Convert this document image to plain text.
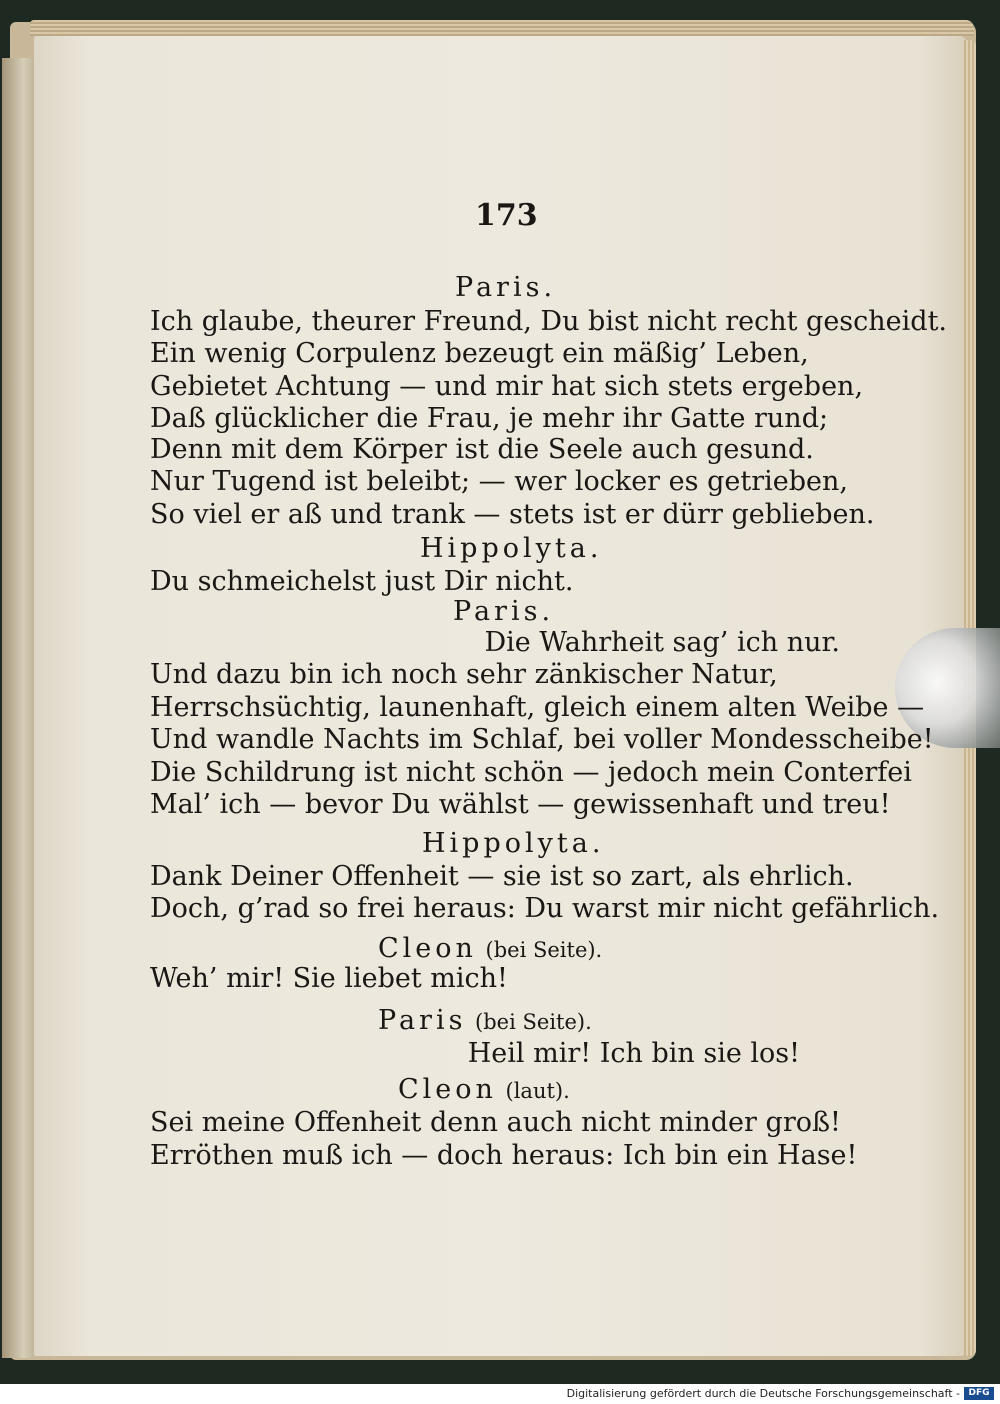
173
Paris.
Ich glaube, theurer Freund, Du bist nicht recht gescheidt.
Ein wenig Corpulenz bezeugt ein mäßig’ Leben,
Gebietet Achtung — und mir hat sich stets ergeben,
Daß glücklicher die Frau, je mehr ihr Gatte rund;
Denn mit dem Körper ist die Seele auch gesund.
Nur Tugend ist beleibt; — wer locker es getrieben,
So viel er aß und trank — stets ist er dürr geblieben.
Hippolyta.
Du schmeichelst just Dir nicht.
Paris.
Die Wahrheit sag’ ich nur.
Und dazu bin ich noch sehr zänkischer Natur,
Herrschsüchtig, launenhaft, gleich einem alten Weibe —
Und wandle Nachts im Schlaf, bei voller Mondesscheibe!
Die Schildrung ist nicht schön — jedoch mein Conterfei
Mal’ ich — bevor Du wählst — gewissenhaft und treu!
Hippolyta.
Dank Deiner Offenheit — sie ist so zart, als ehrlich.
Doch, g’rad so frei heraus: Du warst mir nicht gefährlich.
Cleon (bei Seite).
Weh’ mir! Sie liebet mich!
Paris (bei Seite).
Heil mir! Ich bin sie los!
Cleon (laut).
Sei meine Offenheit denn auch nicht minder groß!
Erröthen muß ich — doch heraus: Ich bin ein Hase!
Digitalisierung gefördert durch die Deutsche Forschungsgemeinschaft - DFG
